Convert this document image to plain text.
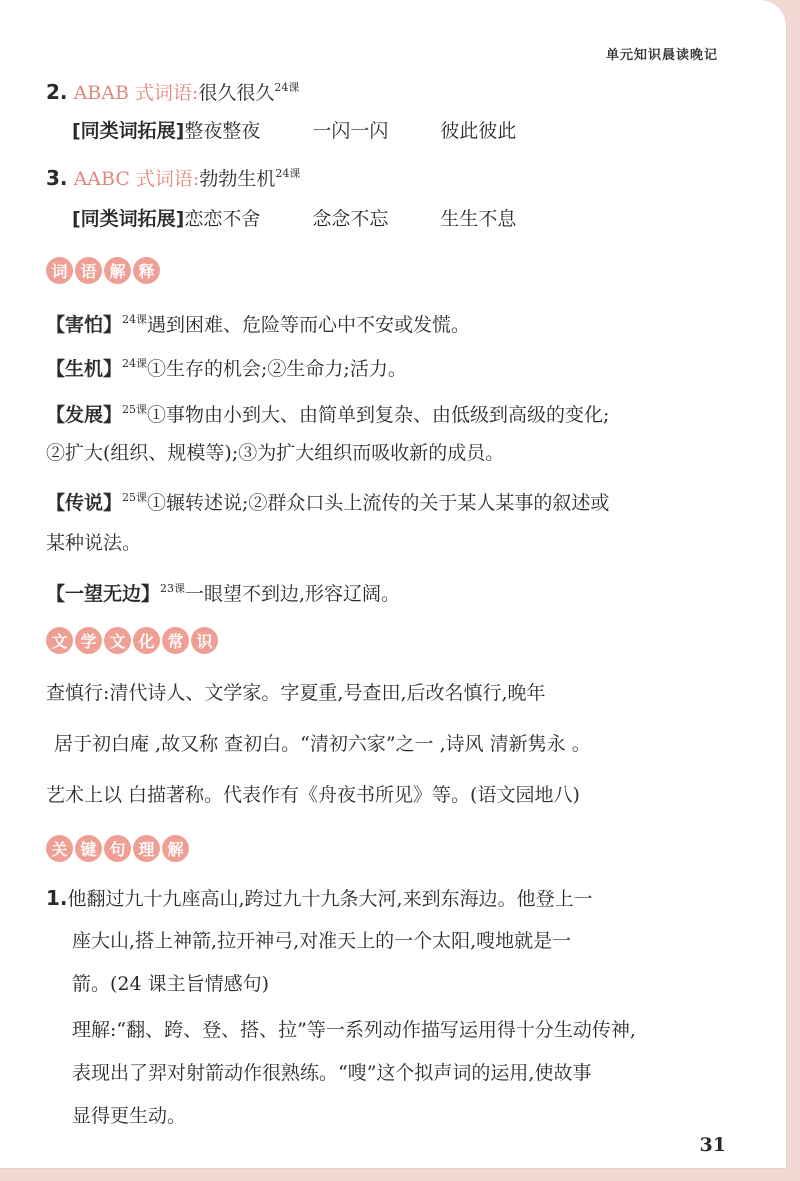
单元知识晨读晚记
2. ABAB 式词语:很久很久$^{24课}$
[同类词拓展]整夜整夜	一闪一闪	彼此彼此
3. AABC 式词语:勃勃生机$^{24课}$
[同类词拓展]恋恋不舍	念念不忘	生生不息
词 语 解 释
【害怕】$^{24课}$遇到困难、危险等而心中不安或发慌。
【生机】$^{24课}$①生存的机会;②生命力;活力。
【发展】$^{25课}$①事物由小到大、由简单到复杂、由低级到高级的变化;
②扩大(组织、规模等);③为扩大组织而吸收新的成员。
【传说】$^{25课}$①辗转述说;②群众口头上流传的关于某人某事的叙述或
某种说法。
【一望无边】$^{23课}$一眼望不到边,形容辽阔。
文 学 文 化 常 识
查慎行:清代诗人、文学家。字夏重,号查田,后改名慎行,晚年
居于初白庵 ,故又称 查初白。“清初六家”之一 ,诗风 清新隽永 。
艺术上以 白描著称。代表作有《舟夜书所见》等。(语文园地八)
关 键 句 理 解
1.他翻过九十九座高山,跨过九十九条大河,来到东海边。他登上一
座大山,搭上神箭,拉开神弓,对准天上的一个太阳,嗖地就是一
箭。(24 课主旨情感句)
理解:“翻、跨、登、搭、拉”等一系列动作描写运用得十分生动传神,
表现出了羿对射箭动作很熟练。“嗖”这个拟声词的运用,使故事
显得更生动。
31
